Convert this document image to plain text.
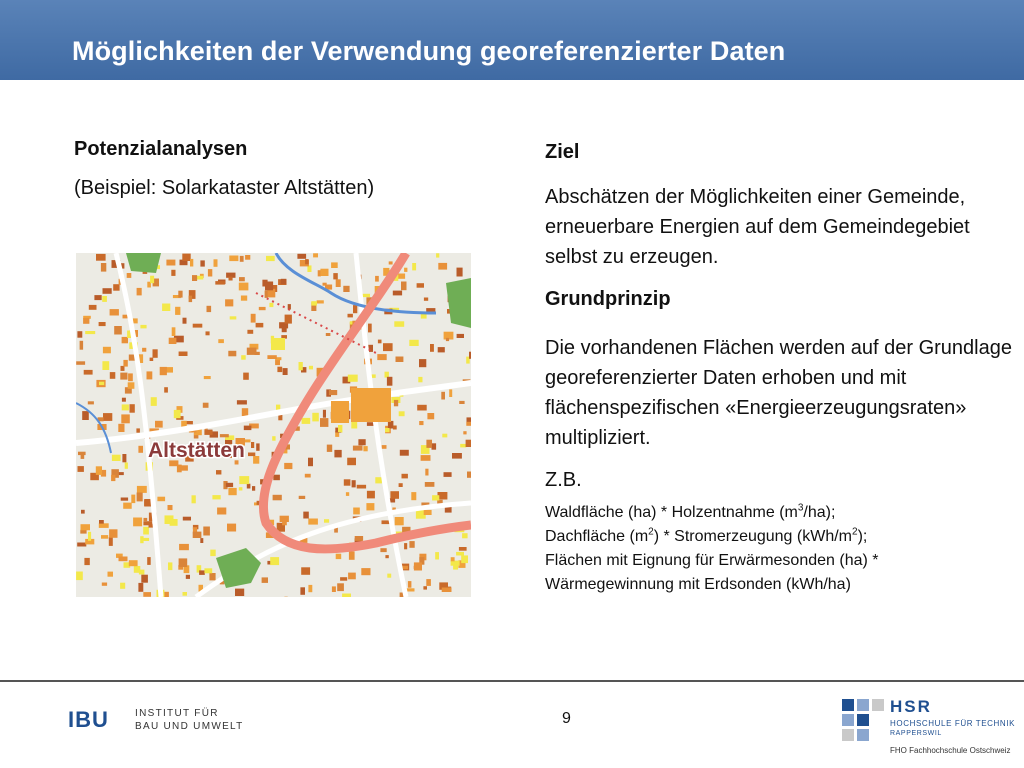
Möglichkeiten der Verwendung georeferenzierter Daten

Potenzialanalysen

(Beispiel: Solarkataster Altstätten)

Altstätten

Ziel

Abschätzen der Möglichkeiten einer Gemeinde, erneuerbare Energien auf dem Gemeindegebiet selbst zu erzeugen.

Grundprinzip

Die vorhandenen Flächen werden auf der Grundlage georeferenzierter Daten erhoben und mit flächenspezifischen «Energieerzeugungsraten» multipliziert.

Z.B.

Waldfläche (ha) * Holzentnahme $(m^3/ha)$;

Dachfläche $(m^2)$ * Stromerzeugung $(kWh/m^2)$;

Flächen mit Eignung für Erwärmesonden (ha) *

Wärmegewinnung mit Erdsonden (kWh/ha)

IBU	INSTITUT FÜR
BAU UND UMWELT	9
HSR
HOCHSCHULE FÜR TECHNIK
RAPPERSWIL
FHO Fachhochschule Ostschweiz
